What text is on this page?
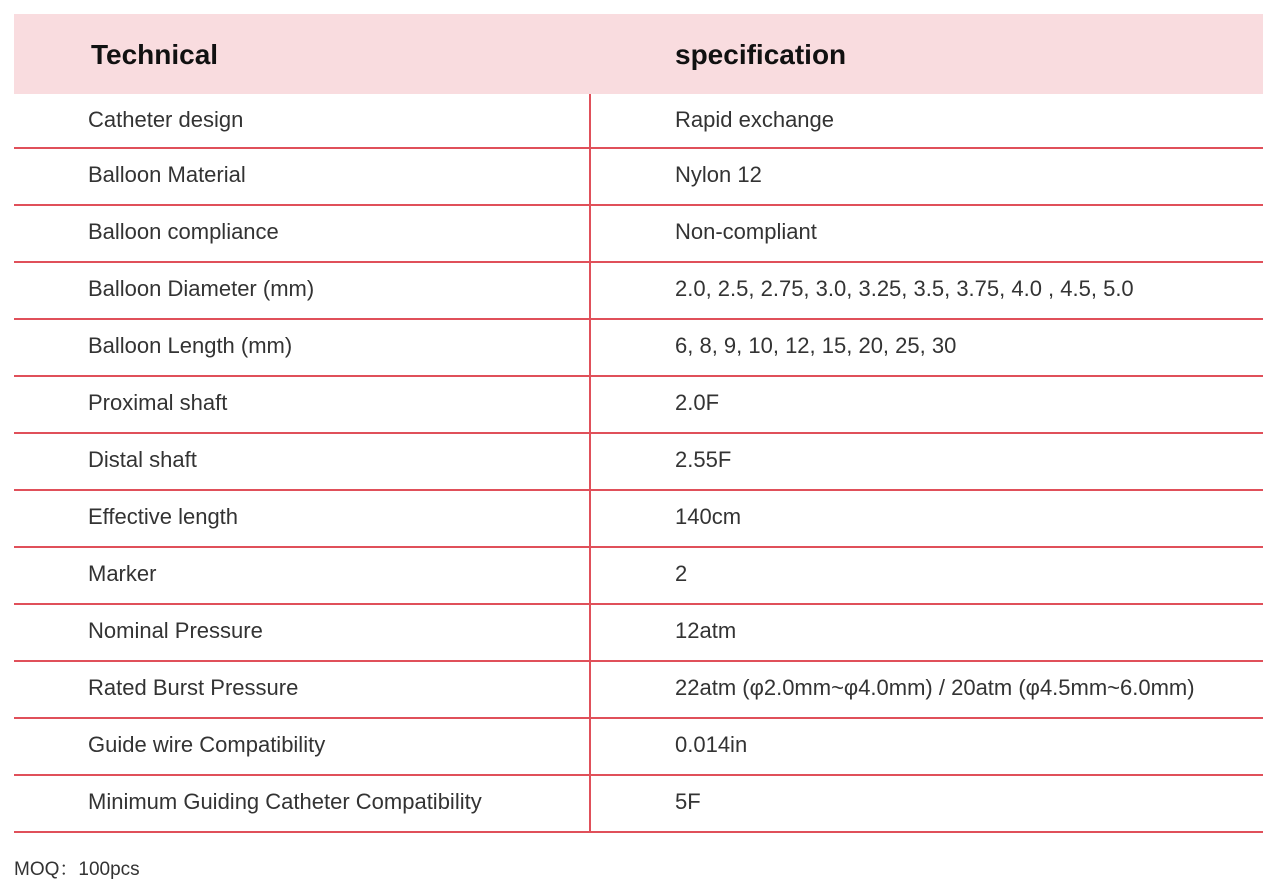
Technical	specification
Catheter design	Rapid exchange
Balloon Material	Nylon 12
Balloon compliance	Non-compliant
Balloon Diameter (mm)	2.0, 2.5, 2.75, 3.0, 3.25, 3.5, 3.75, 4.0 , 4.5, 5.0
Balloon Length (mm)	6, 8, 9, 10, 12, 15, 20, 25, 30
Proximal shaft	2.0F
Distal shaft	2.55F
Effective length	140cm
Marker	2
Nominal Pressure	12atm
Rated Burst Pressure	22atm (φ2.0mm~φ4.0mm) / 20atm (φ4.5mm~6.0mm)
Guide wire Compatibility	0.014in
Minimum Guiding Catheter Compatibility	5F
MOQ：100pcs
